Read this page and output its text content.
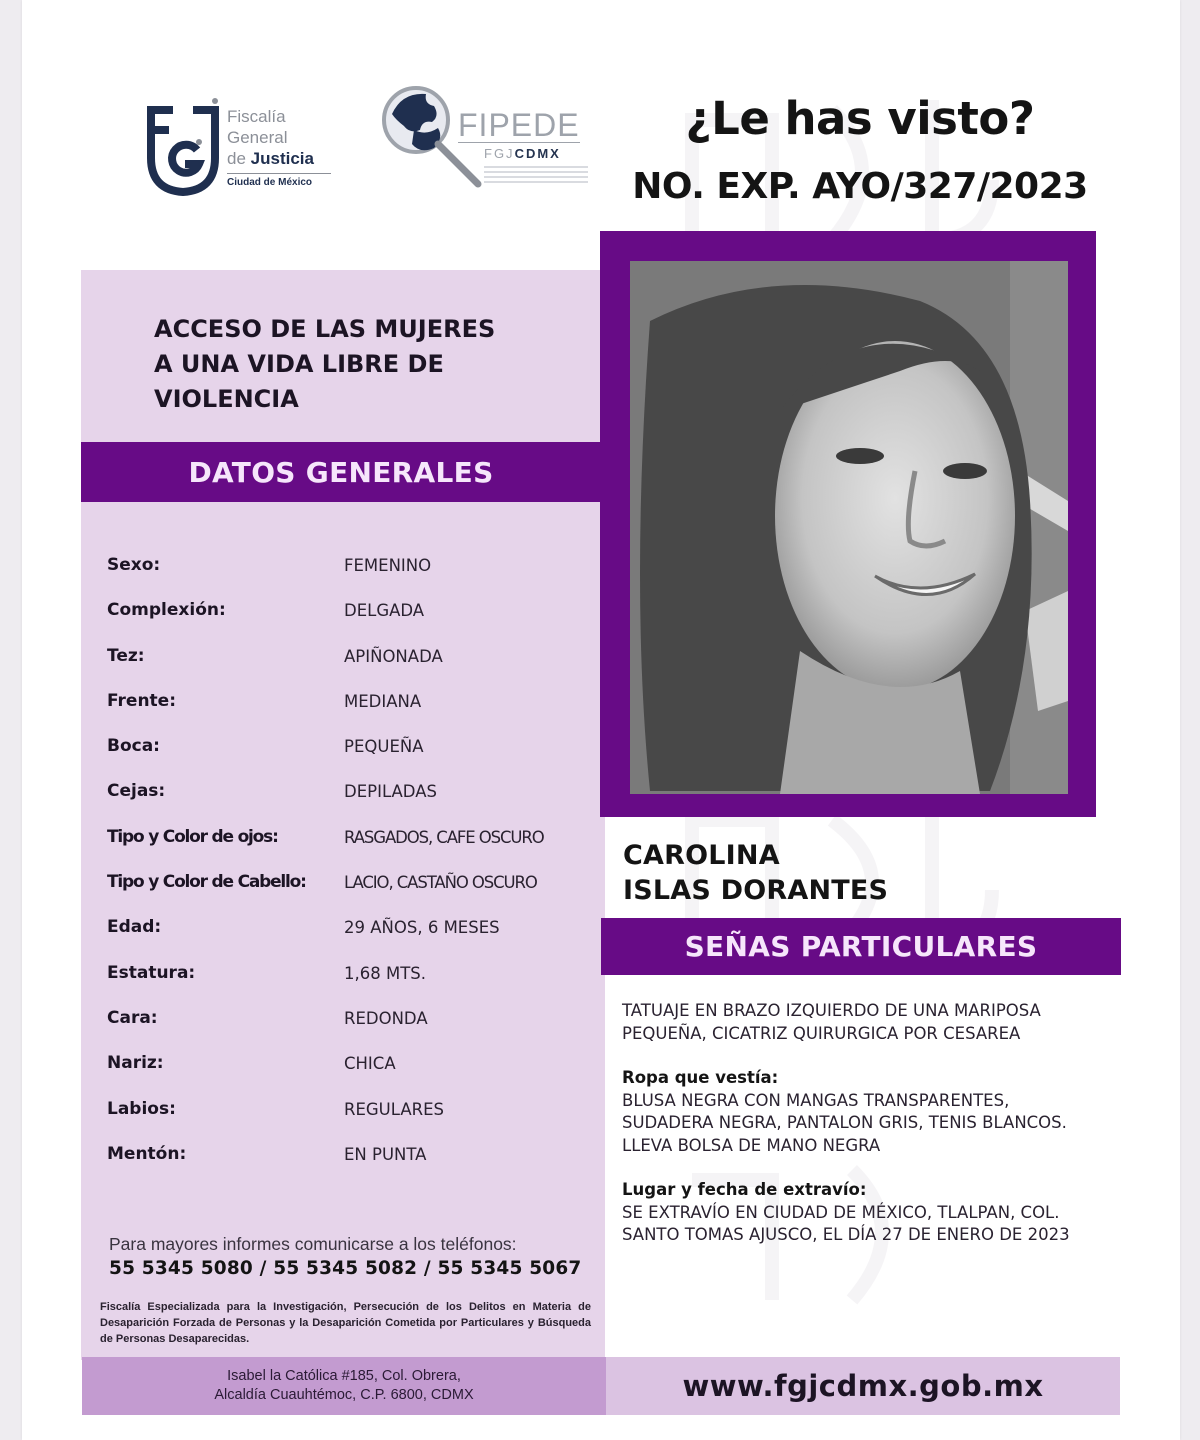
Fiscalía
General
de Justicia
Ciudad de México
FIPEDE
FGJCDMX
¿Le has visto?
NO. EXP. AYO/327/2023
ACCESO DE LAS MUJERES
A UNA VIDA LIBRE DE
VIOLENCIA
DATOS GENERALES
Sexo:	FEMENINO
Complexión:	DELGADA
Tez:	APIÑONADA
Frente:	MEDIANA
Boca:	PEQUEÑA
Cejas:	DEPILADAS
Tipo y Color de ojos:	RASGADOS, CAFE OSCURO
Tipo y Color de Cabello: LACIO, CASTAÑO OSCURO
Edad:	29 AÑOS, 6 MESES
Estatura:	1,68 MTS.
Cara:	REDONDA
Nariz:	CHICA
Labios:	REGULARES
Mentón:	EN PUNTA
Para mayores informes comunicarse a los teléfonos:
55 5345 5080 / 55 5345 5082 / 55 5345 5067
Fiscalía Especializada para la Investigación, Persecución de los Delitos en Materia de Desaparición Forzada de Personas y la Desaparición Cometida por Particulares y Búsqueda de Personas Desaparecidas.
Isabel la Católica #185, Col. Obrera,
Alcaldía Cuauhtémoc, C.P. 6800, CDMX	www.fgjcdmx.gob.mx
CAROLINA
ISLAS DORANTES
SEÑAS PARTICULARES
TATUAJE EN BRAZO IZQUIERDO DE UNA MARIPOSA
PEQUEÑA, CICATRIZ QUIRURGICA POR CESAREA
Ropa que vestía:
BLUSA NEGRA CON MANGAS TRANSPARENTES,
SUDADERA NEGRA, PANTALON GRIS, TENIS BLANCOS.
LLEVA BOLSA DE MANO NEGRA
Lugar y fecha de extravío:
SE EXTRAVÍO EN CIUDAD DE MÉXICO, TLALPAN, COL.
SANTO TOMAS AJUSCO, EL DÍA 27 DE ENERO DE 2023
